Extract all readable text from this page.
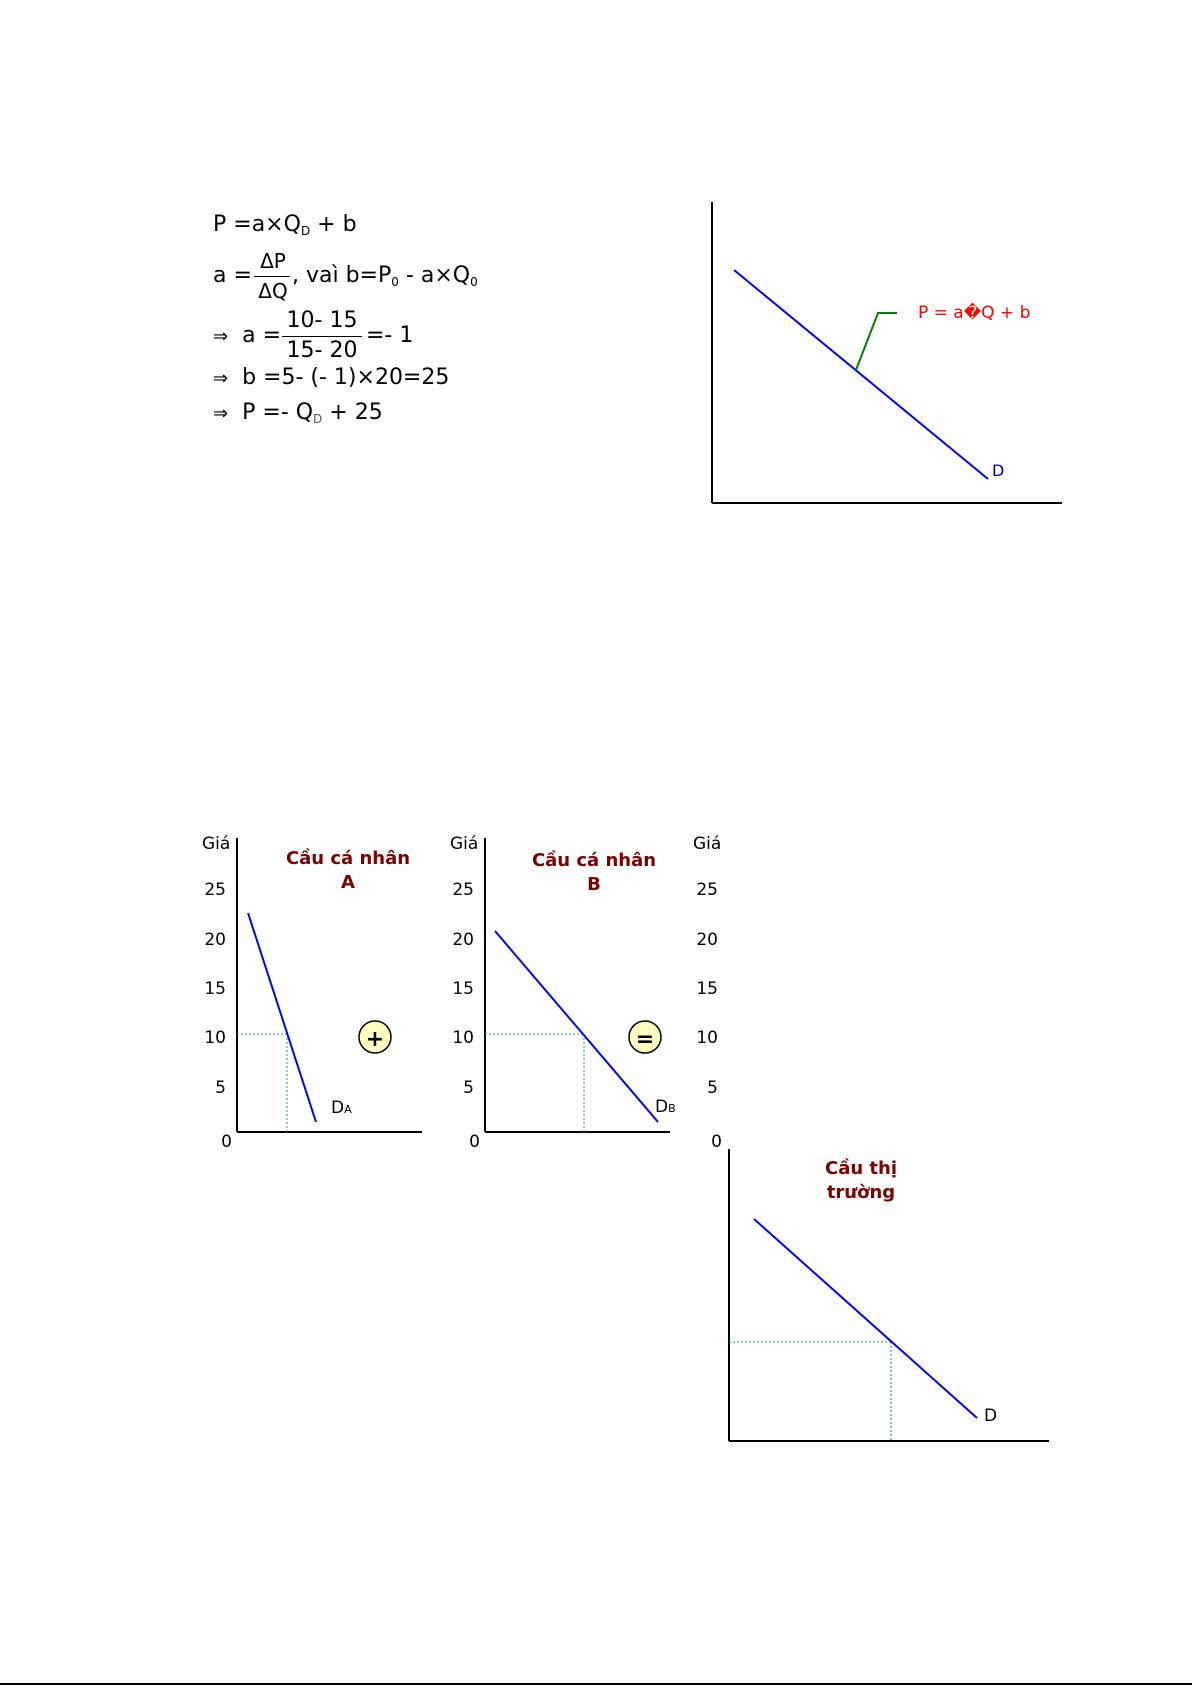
$P =a\times Q_D + b$
a =
ΔP
ΔQ
, vaì $b=P_0 - a\times Q_0$
⇒ a =
10- 15
15- 20
=- 1
⇒ b =5- (- 1)×20=25
⇒ $P =- Q_D + 25$
P = a�Q + b
D
Giá
25
20
15
10
5
0
Cầu cá nhân
A
DA
+
Giá
25
20
15
10
5
0
Cầu cá nhân
B
DB
=
Giá
25
20
15
10
5
0
Cầu thị
trường
D
